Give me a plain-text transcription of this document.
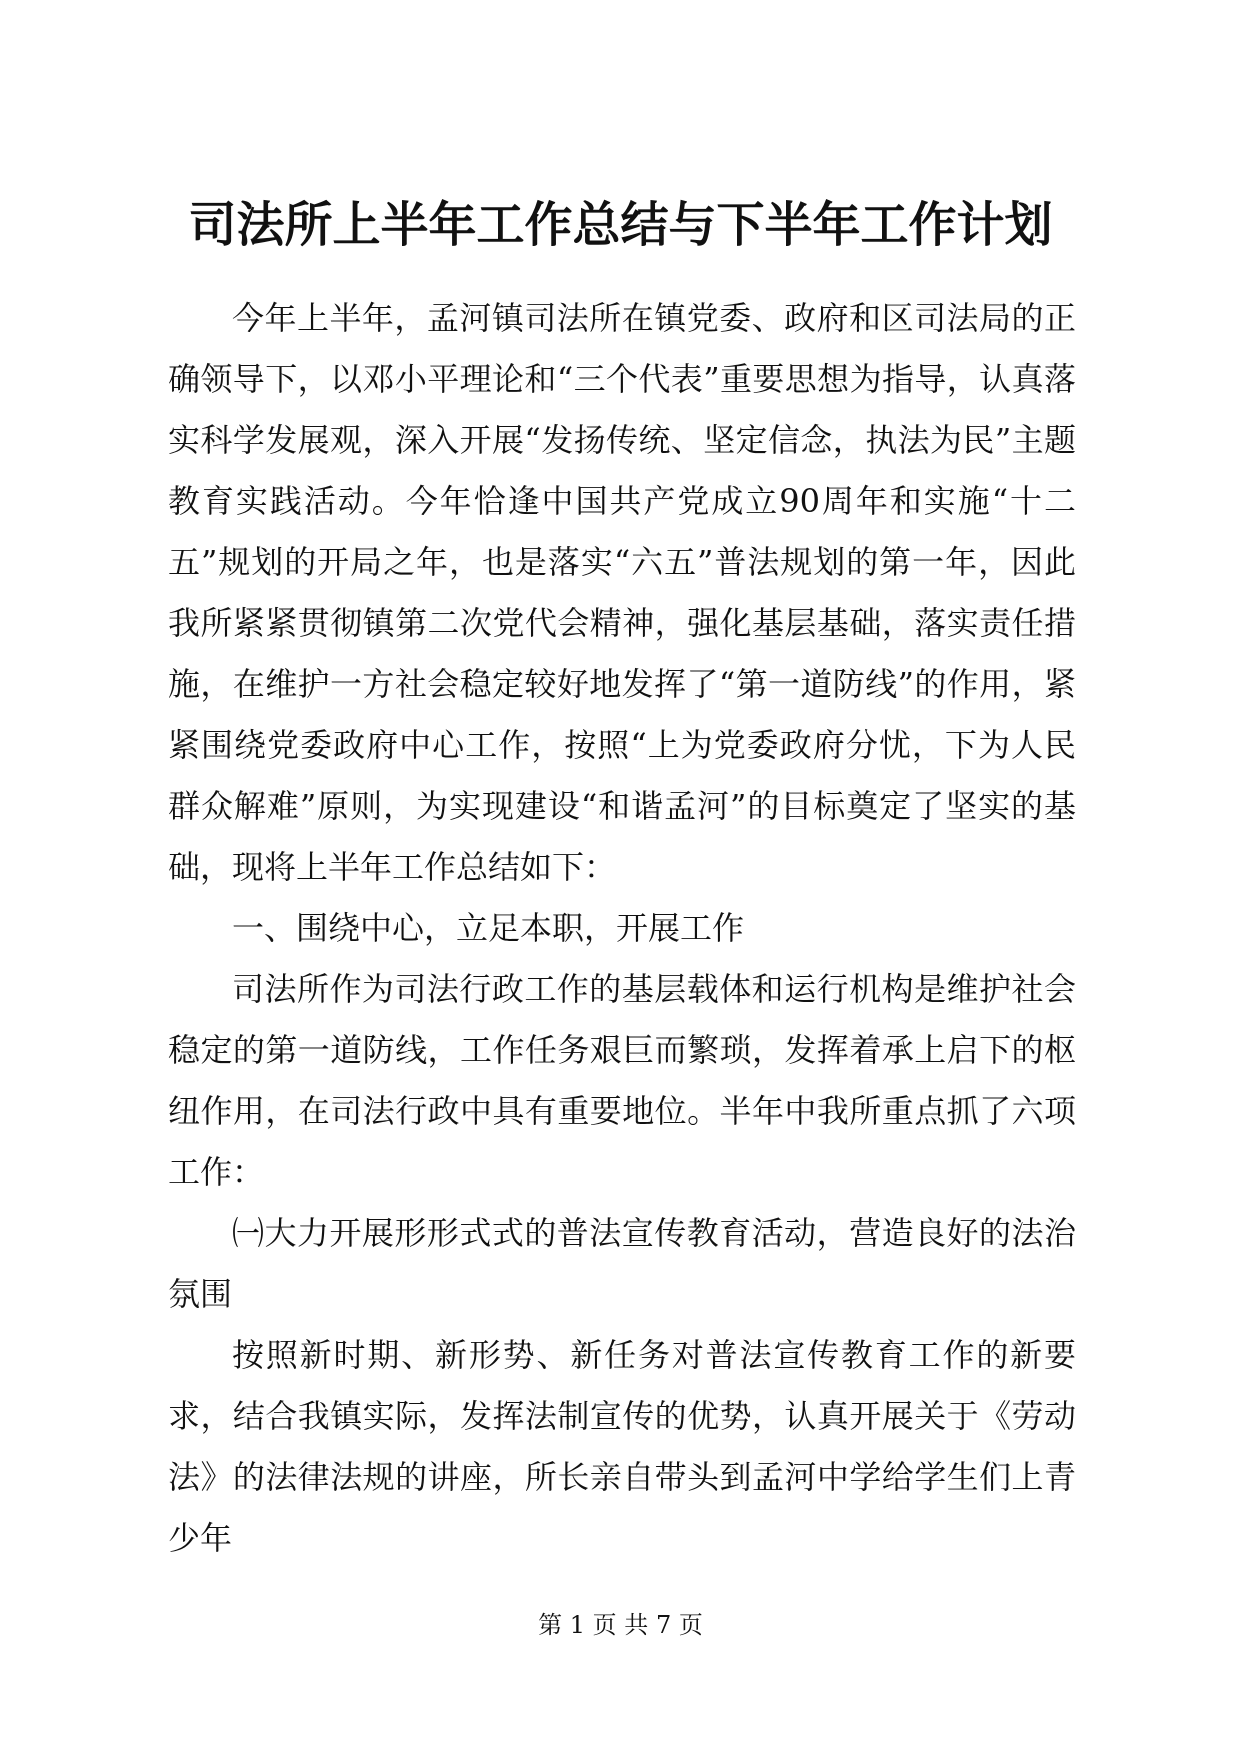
司法所上半年工作总结与下半年工作计划

今年上半年，孟河镇司法所在镇党委、政府和区司法局的正确领导下，以邓小平理论和“三个代表”重要思想为指导，认真落实科学发展观，深入开展“发扬传统、坚定信念，执法为民”主题教育实践活动。今年恰逢中国共产党成立90周年和实施“十二五”规划的开局之年，也是落实“六五”普法规划的第一年，因此我所紧紧贯彻镇第二次党代会精神，强化基层基础，落实责任措施，在维护一方社会稳定较好地发挥了“第一道防线”的作用，紧紧围绕党委政府中心工作，按照“上为党委政府分忧，下为人民群众解难”原则，为实现建设“和谐孟河”的目标奠定了坚实的基础，现将上半年工作总结如下：

一、围绕中心，立足本职，开展工作

司法所作为司法行政工作的基层载体和运行机构是维护社会稳定的第一道防线，工作任务艰巨而繁琐，发挥着承上启下的枢纽作用，在司法行政中具有重要地位。半年中我所重点抓了六项工作：

㈠大力开展形形式式的普法宣传教育活动，营造良好的法治氛围

按照新时期、新形势、新任务对普法宣传教育工作的新要求，结合我镇实际，发挥法制宣传的优势，认真开展关于《劳动法》的法律法规的讲座，所长亲自带头到孟河中学给学生们上青少年

第 1 页 共 7 页
